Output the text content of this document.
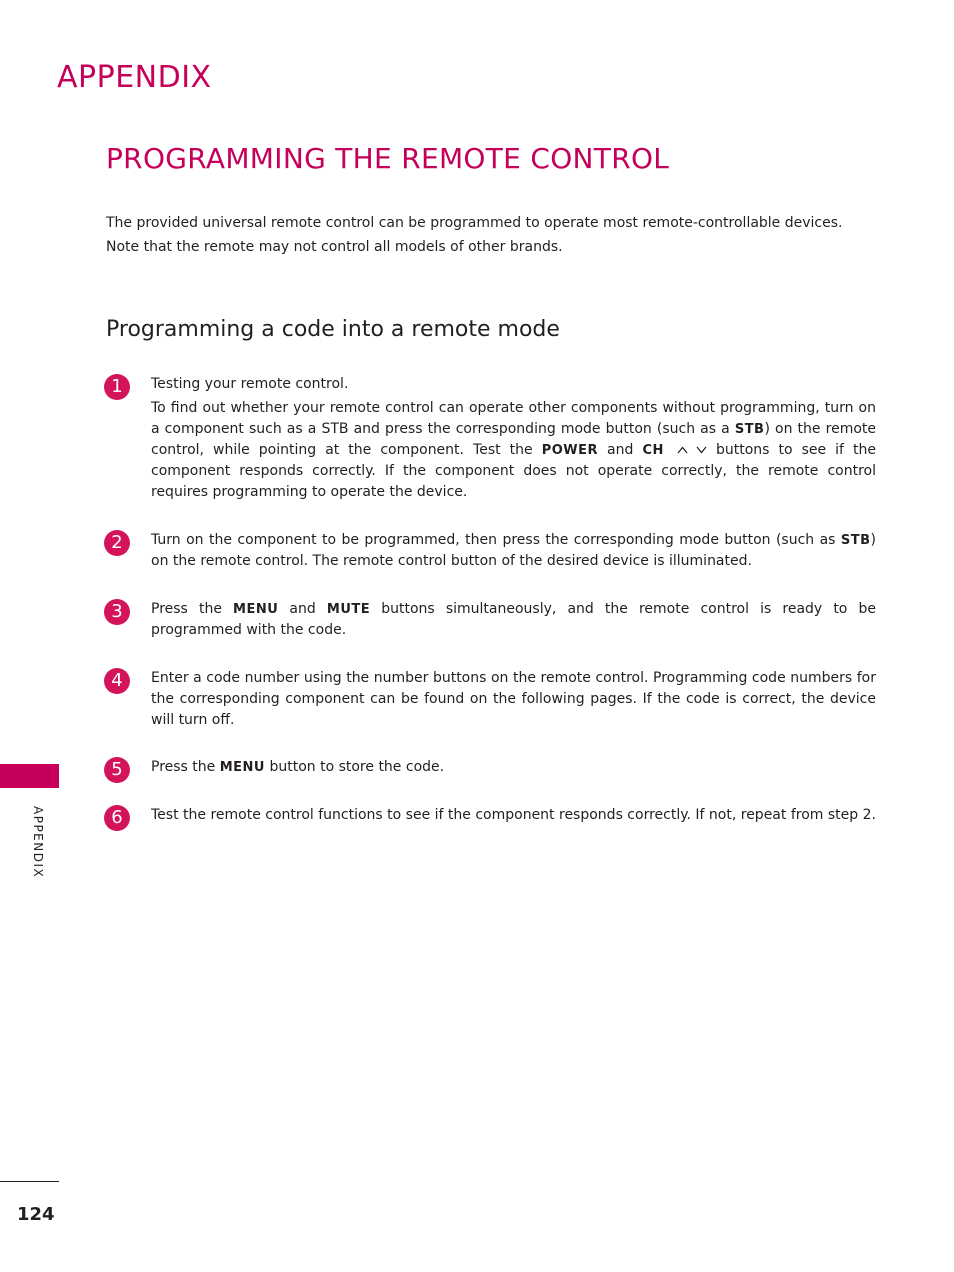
APPENDIX
PROGRAMMING THE REMOTE CONTROL

The provided universal remote control can be programmed to operate most remote-controllable devices.

Note that the remote may not control all models of other brands.

Programming a code into a remote mode
1	Testing your remote control.

To find out whether your remote control can operate other components without programming, turn on a component such as a STB and press the corresponding mode button (such as a STB) on the remote control, while pointing at the component. Test the POWER and CH	buttons to see if the component responds correctly. If the component does not operate correctly, the remote control requires programming to operate the device.

2	Turn on the component to be programmed, then press the corresponding mode button (such as STB) on the remote control. The remote control button of the desired device is illuminated.

3	Press the MENU and MUTE buttons simultaneously, and the remote control is ready to be programmed with the code.

4	Enter a code number using the number buttons on the remote control. Programming code numbers for the corresponding component can be found on the following pages. If the code is correct, the device will turn off.

5	Press the MENU button to store the code.

6	Test the remote control functions to see if the component responds correctly. If not, repeat from step 2.

APPENDIX
124
